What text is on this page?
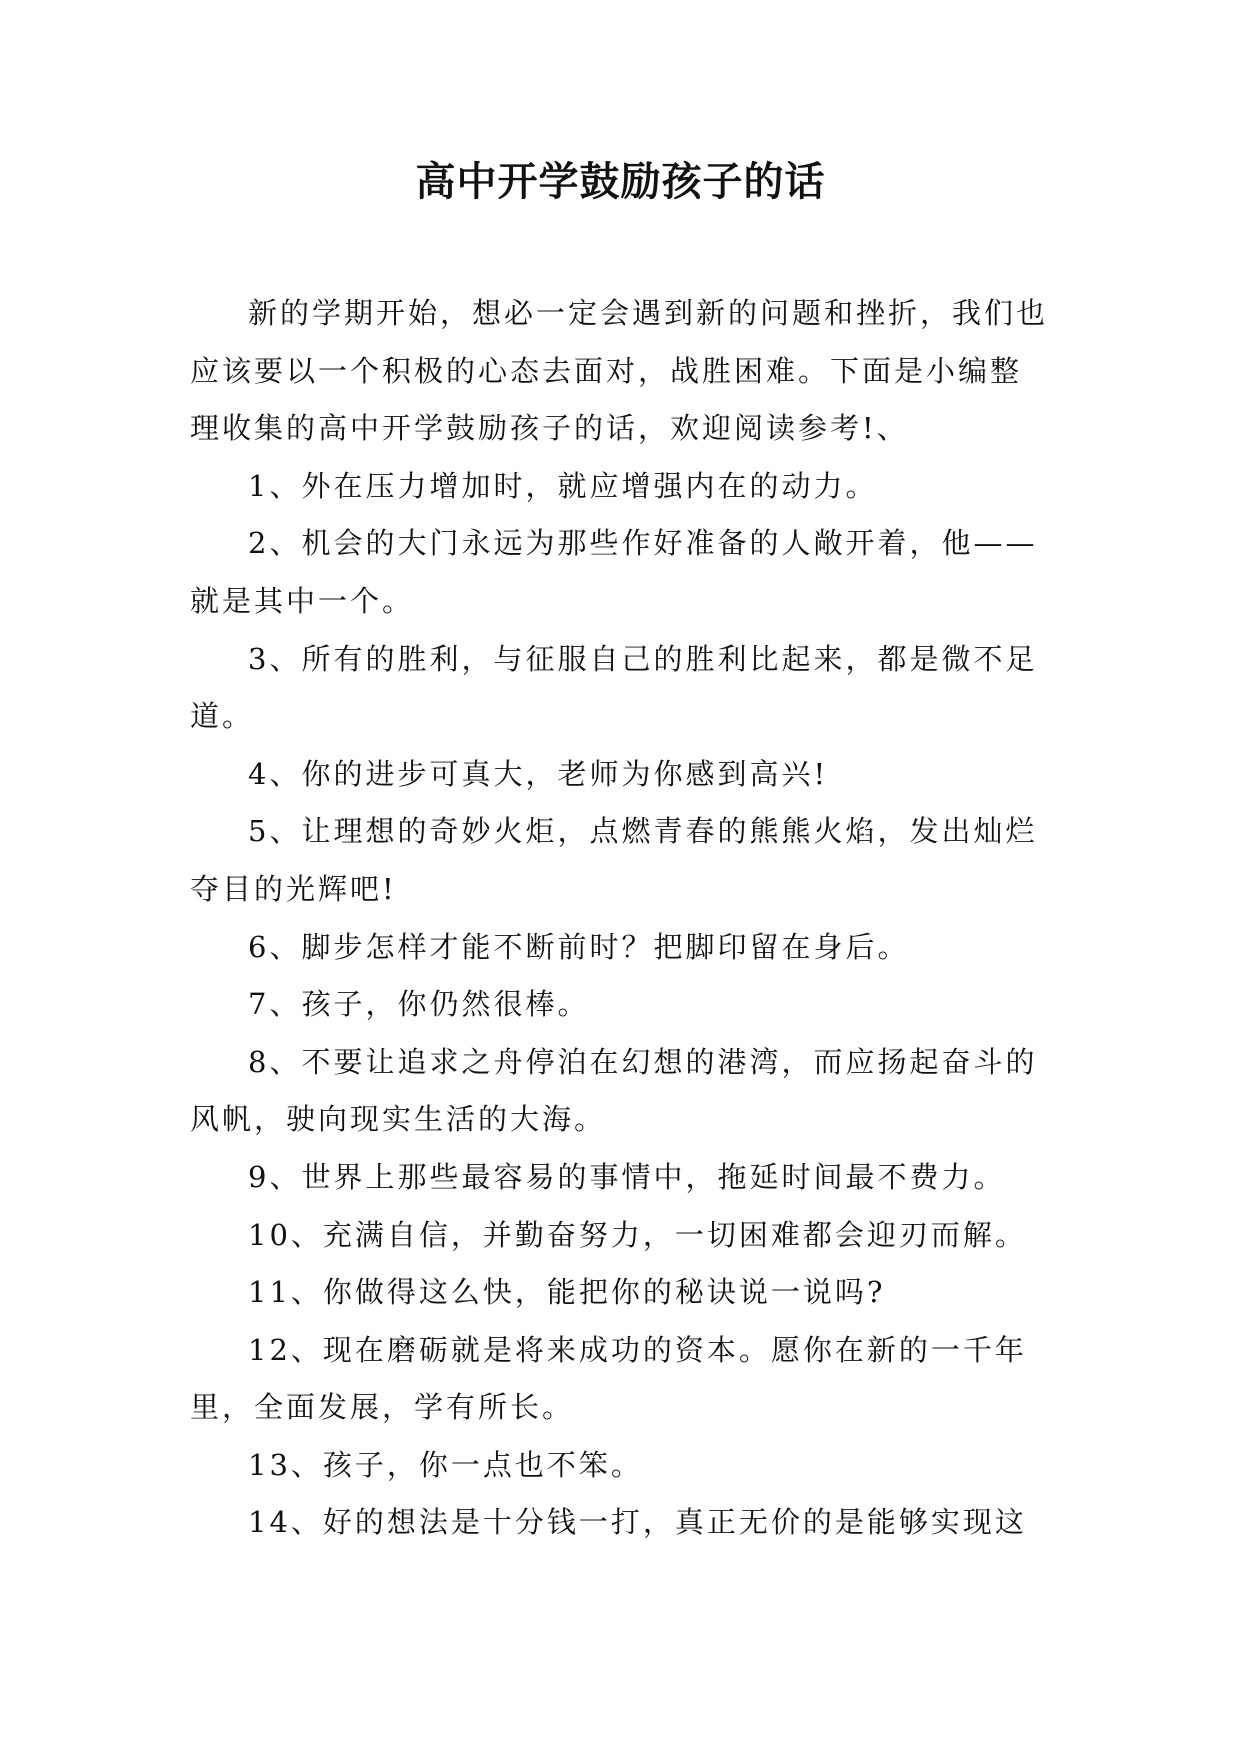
高中开学鼓励孩子的话

新的学期开始，想必一定会遇到新的问题和挫折，我们也应该要以一个积极的心态去面对，战胜困难。下面是小编整理收集的高中开学鼓励孩子的话，欢迎阅读参考!、

1、外在压力增加时，就应增强内在的动力。

2、机会的大门永远为那些作好准备的人敞开着，他——就是其中一个。

3、所有的胜利，与征服自己的胜利比起来，都是微不足道。

4、你的进步可真大，老师为你感到高兴!

5、让理想的奇妙火炬，点燃青春的熊熊火焰，发出灿烂夺目的光辉吧!

6、脚步怎样才能不断前时？把脚印留在身后。

7、孩子，你仍然很棒。

8、不要让追求之舟停泊在幻想的港湾，而应扬起奋斗的风帆，驶向现实生活的大海。

9、世界上那些最容易的事情中，拖延时间最不费力。

10、充满自信，并勤奋努力，一切困难都会迎刃而解。

11、你做得这么快，能把你的秘诀说一说吗?

12、现在磨砺就是将来成功的资本。愿你在新的一千年里，全面发展，学有所长。

13、孩子，你一点也不笨。

14、好的想法是十分钱一打，真正无价的是能够实现这
